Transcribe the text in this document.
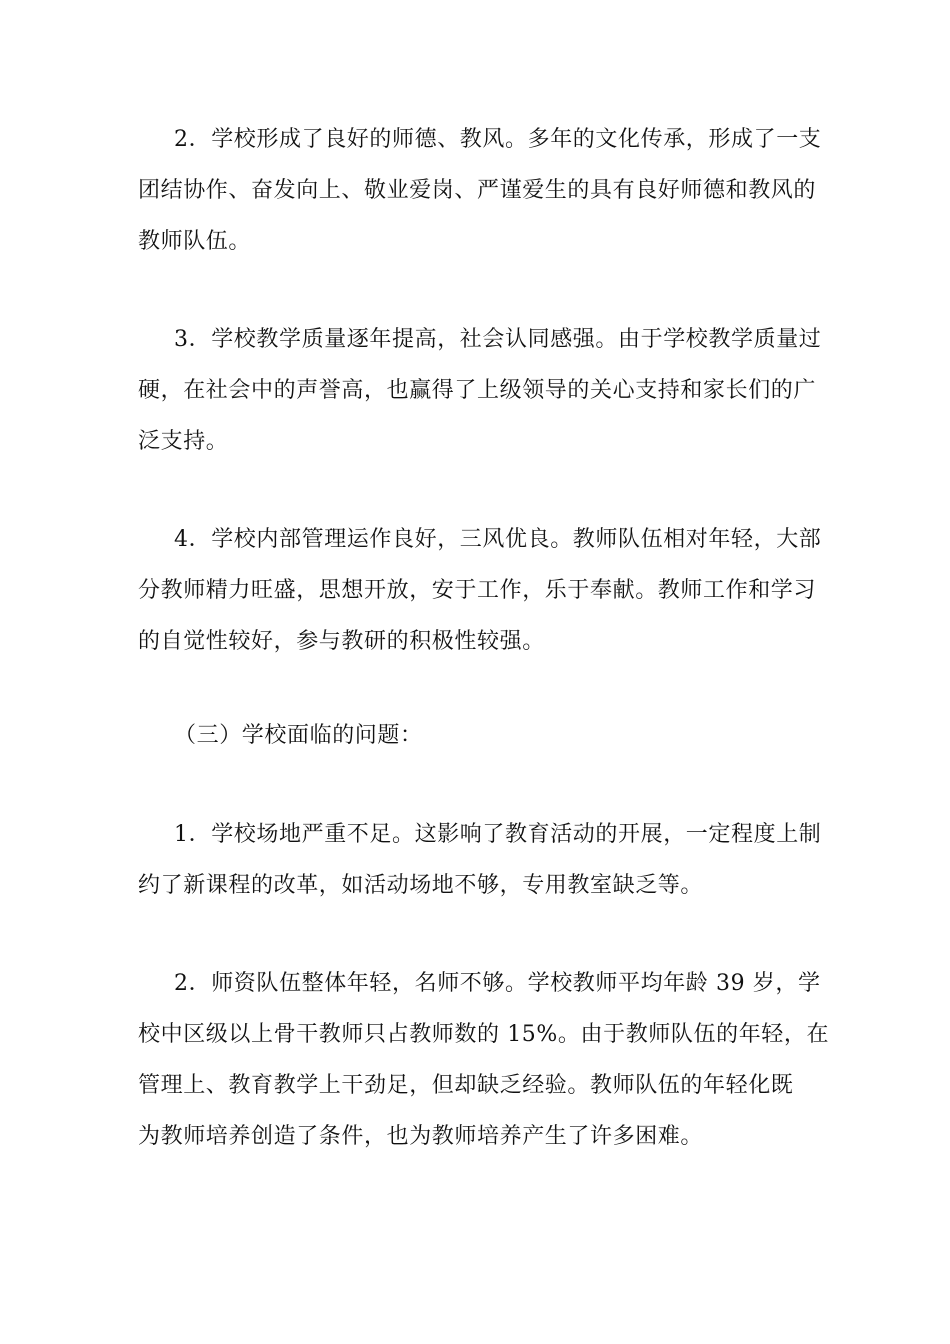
2．学校形成了良好的师德、教风。多年的文化传承，形成了一支
团结协作、奋发向上、敬业爱岗、严谨爱生的具有良好师德和教风的
教师队伍。

3．学校教学质量逐年提高，社会认同感强。由于学校教学质量过
硬，在社会中的声誉高，也赢得了上级领导的关心支持和家长们的广
泛支持。

4．学校内部管理运作良好，三风优良。教师队伍相对年轻，大部
分教师精力旺盛，思想开放，安于工作，乐于奉献。教师工作和学习
的自觉性较好，参与教研的积极性较强。

（三）学校面临的问题：

1．学校场地严重不足。这影响了教育活动的开展，一定程度上制
约了新课程的改革，如活动场地不够，专用教室缺乏等。

2．师资队伍整体年轻，名师不够。学校教师平均年龄 39 岁，学
校中区级以上骨干教师只占教师数的 15%。由于教师队伍的年轻，在
管理上、教育教学上干劲足，但却缺乏经验。教师队伍的年轻化既
为教师培养创造了条件，也为教师培养产生了许多困难。
